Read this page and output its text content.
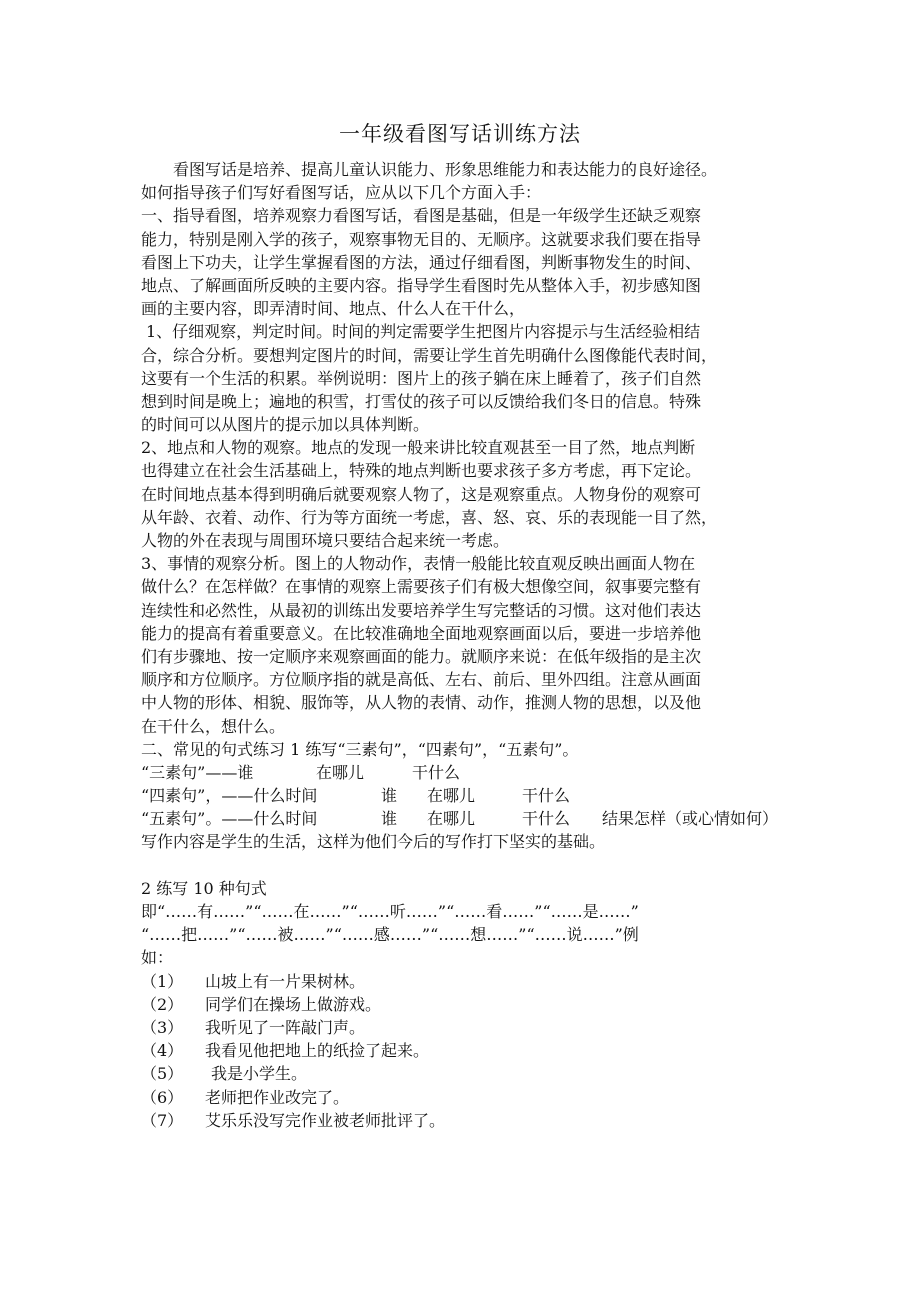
一年级看图写话训练方法
看图写话是培养、提高儿童认识能力、形象思维能力和表达能力的良好途径。
如何指导孩子们写好看图写话，应从以下几个方面入手：
一、指导看图，培养观察力看图写话，看图是基础，但是一年级学生还缺乏观察
能力，特别是刚入学的孩子，观察事物无目的、无顺序。这就要求我们要在指导
看图上下功夫，让学生掌握看图的方法，通过仔细看图，判断事物发生的时间、
地点、了解画面所反映的主要内容。指导学生看图时先从整体入手，初步感知图
画的主要内容，即弄清时间、地点、什么人在干什么，
1、仔细观察，判定时间。时间的判定需要学生把图片内容提示与生活经验相结
合，综合分析。要想判定图片的时间，需要让学生首先明确什么图像能代表时间，
这要有一个生活的积累。举例说明：图片上的孩子躺在床上睡着了，孩子们自然
想到时间是晚上；遍地的积雪，打雪仗的孩子可以反馈给我们冬日的信息。特殊
的时间可以从图片的提示加以具体判断。
2、地点和人物的观察。地点的发现一般来讲比较直观甚至一目了然，地点判断
也得建立在社会生活基础上，特殊的地点判断也要求孩子多方考虑，再下定论。
在时间地点基本得到明确后就要观察人物了，这是观察重点。人物身份的观察可
从年龄、衣着、动作、行为等方面统一考虑，喜、怒、哀、乐的表现能一目了然，
人物的外在表现与周围环境只要结合起来统一考虑。
3、事情的观察分析。图上的人物动作，表情一般能比较直观反映出画面人物在
做什么？在怎样做？在事情的观察上需要孩子们有极大想像空间，叙事要完整有
连续性和必然性，从最初的训练出发要培养学生写完整话的习惯。这对他们表达
能力的提高有着重要意义。在比较准确地全面地观察画面以后，要进一步培养他
们有步骤地、按一定顺序来观察画面的能力。就顺序来说：在低年级指的是主次
顺序和方位顺序。方位顺序指的就是高低、左右、前后、里外四组。注意从画面
中人物的形体、相貌、服饰等，从人物的表情、动作，推测人物的思想，以及他
在干什么，想什么。
二、常见的句式练习 1 练写“三素句”，“四素句”，“五素句”。
“三素句”——谁	在哪儿	干什么
“四素句”，——什么时间	谁	在哪儿	干什么
“五素句”。——什么时间	谁	在哪儿	干什么	结果怎样（或心情如何）
写作内容是学生的生活，这样为他们今后的写作打下坚实的基础。
2 练写 10 种句式
即“……有……”“……在……”“……听……”“……看……”“……是……”
“……把……”“……被……”“……感……”“……想……”“……说……”例
如：
（1）	山坡上有一片果树林。
（2）	同学们在操场上做游戏。
（3）	我听见了一阵敲门声。
（4）	我看见他把地上的纸捡了起来。
（5）	我是小学生。
（6）	老师把作业改完了。
（7）	艾乐乐没写完作业被老师批评了。
